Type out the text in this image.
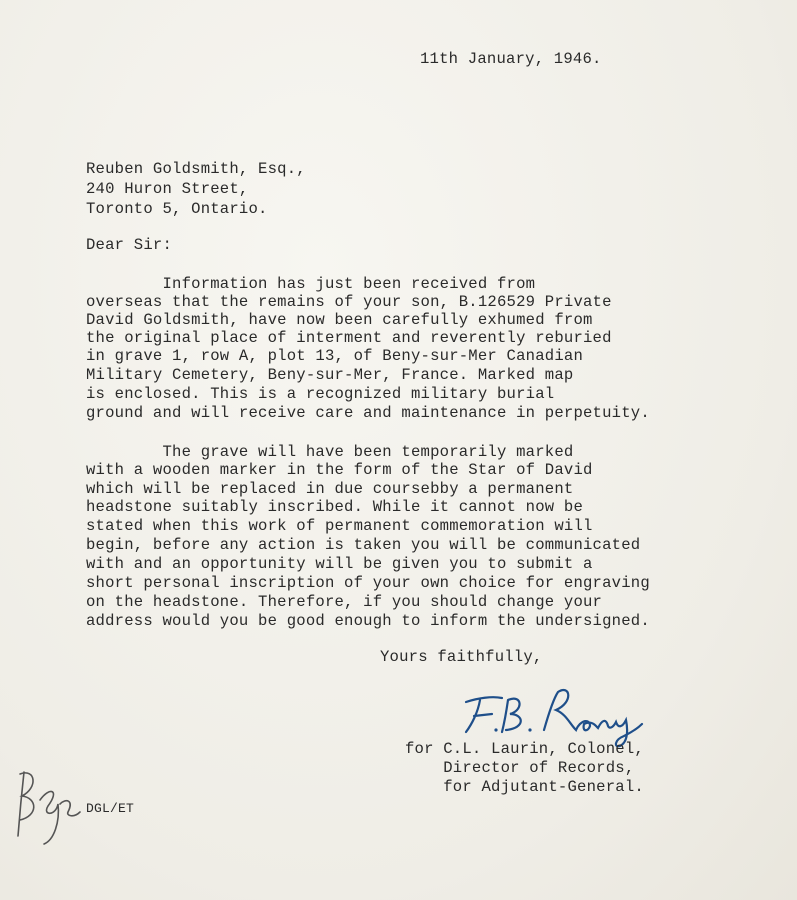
11th January, 1946.
Reuben Goldsmith, Esq.,
240 Huron Street,
Toronto 5, Ontario.
Dear Sir:
Information has just been received from
overseas that the remains of your son, B.126529 Private
David Goldsmith, have now been carefully exhumed from
the original place of interment and reverently reburied
in grave 1, row A, plot 13, of Beny-sur-Mer Canadian
Military Cemetery, Beny-sur-Mer, France. Marked map
is enclosed. This is a recognized military burial
ground and will receive care and maintenance in perpetuity.
The grave will have been temporarily marked
with a wooden marker in the form of the Star of David
which will be replaced in due coursebby a permanent
headstone suitably inscribed. While it cannot now be
stated when this work of permanent commemoration will
begin, before any action is taken you will be communicated
with and an opportunity will be given you to submit a
short personal inscription of your own choice for engraving
on the headstone. Therefore, if you should change your
address would you be good enough to inform the undersigned.
Yours faithfully,
for C.L. Laurin, Colonel,
Director of Records,
for Adjutant-General.
DGL/ET
